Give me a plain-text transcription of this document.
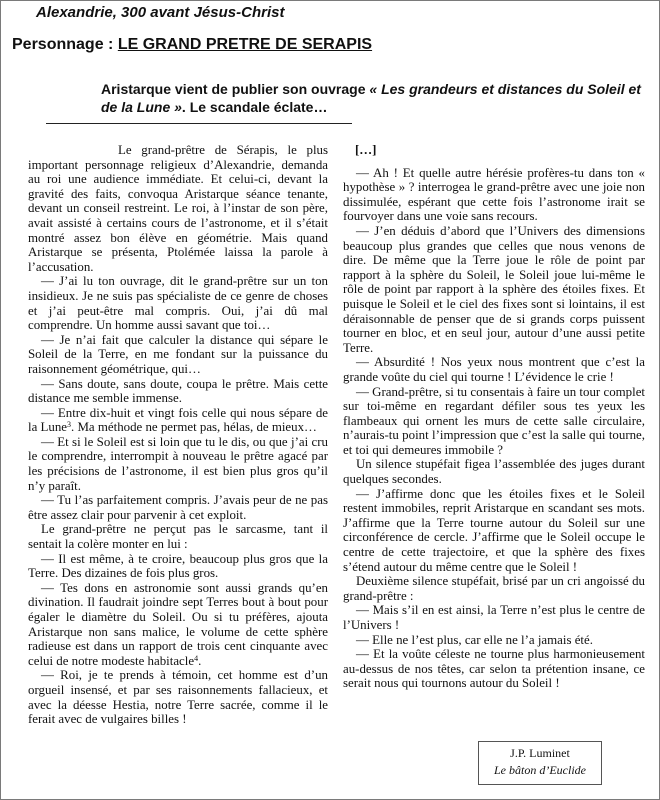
Alexandrie, 300 avant Jésus-Christ
Personnage : LE GRAND PRETRE DE SERAPIS
Aristarque vient de publier son ouvrage « Les grandeurs et distances du Soleil et de la Lune ». Le scandale éclate…

Le grand-prêtre de Sérapis, le plus important personnage religieux d’Alexandrie, demanda au roi une audience immédiate. Et celui-ci, devant la gravité des faits, convoqua Aristarque séance tenante, devant un conseil restreint. Le roi, à l’instar de son père, avait assisté à certains cours de l’astronome, et il s’était montré assez bon élève en géométrie. Mais quand Aristarque se présenta, Ptolémée laissa la parole à l’accusation.

— J’ai lu ton ouvrage, dit le grand-prêtre sur un ton insidieux. Je ne suis pas spécialiste de ce genre de choses et j’ai peut-être mal compris. Oui, j’ai dû mal comprendre. Un homme aussi savant que toi…

— Je n’ai fait que calculer la distance qui sépare le Soleil de la Terre, en me fondant sur la puissance du raisonnement géométrique, qui…

— Sans doute, sans doute, coupa le prêtre. Mais cette distance me semble immense.

— Entre dix-huit et vingt fois celle qui nous sépare de la Lune$^3$. Ma méthode ne permet pas, hélas, de mieux…

— Et si le Soleil est si loin que tu le dis, ou que j’ai cru le comprendre, interrompit à nouveau le prêtre agacé par les précisions de l’astronome, il est bien plus gros qu’il n’y paraît.

— Tu l’as parfaitement compris. J’avais peur de ne pas être assez clair pour parvenir à cet exploit.

Le grand-prêtre ne perçut pas le sarcasme, tant il sentait la colère monter en lui :

— Il est même, à te croire, beaucoup plus gros que la Terre. Des dizaines de fois plus gros.

— Tes dons en astronomie sont aussi grands qu’en divination. Il faudrait joindre sept Terres bout à bout pour égaler le diamètre du Soleil. Ou si tu préfères, ajouta Aristarque non sans malice, le volume de cette sphère radieuse est dans un rapport de trois cent cinquante avec celui de notre modeste habitacle$^4$.

— Roi, je te prends à témoin, cet homme est d’un orgueil insensé, et par ses raisonnements fallacieux, et avec la déesse Hestia, notre Terre sacrée, comme il le ferait avec de vulgaires billes !

[…]

— Ah ! Et quelle autre hérésie profères-tu dans ton « hypothèse » ? interrogea le grand-prêtre avec une joie non dissimulée, espérant que cette fois l’astronome irait se fourvoyer dans une voie sans recours.

— J’en déduis d’abord que l’Univers des dimensions beaucoup plus grandes que celles que nous venons de dire. De même que la Terre joue le rôle de point par rapport à la sphère du Soleil, le Soleil joue lui-même le rôle de point par rapport à la sphère des étoiles fixes. Et puisque le Soleil et le ciel des fixes sont si lointains, il est déraisonnable de penser que de si grands corps puissent tourner en bloc, et en seul jour, autour d’une aussi petite Terre.

— Absurdité ! Nos yeux nous montrent que c’est la grande voûte du ciel qui tourne ! L’évidence le crie !

— Grand-prêtre, si tu consentais à faire un tour complet sur toi-même en regardant défiler sous tes yeux les flambeaux qui ornent les murs de cette salle circulaire, n’aurais-tu point l’impression que c’est la salle qui tourne, et toi qui demeures immobile ?

Un silence stupéfait figea l’assemblée des juges durant quelques secondes.

— J’affirme donc que les étoiles fixes et le Soleil restent immobiles, reprit Aristarque en scandant ses mots. J’affirme que la Terre tourne autour du Soleil sur une circonférence de cercle. J’affirme que le Soleil occupe le centre de cette trajectoire, et que la sphère des fixes s’étend autour du même centre que le Soleil !

Deuxième silence stupéfait, brisé par un cri angoissé du grand-prêtre :

— Mais s’il en est ainsi, la Terre n’est plus le centre de l’Univers !

— Elle ne l’est plus, car elle ne l’a jamais été.

— Et la voûte céleste ne tourne plus harmonieusement au-dessus de nos têtes, car selon ta prétention insane, ce serait nous qui tournons autour du Soleil !

J.P. Luminet
Le bâton d’Euclide
